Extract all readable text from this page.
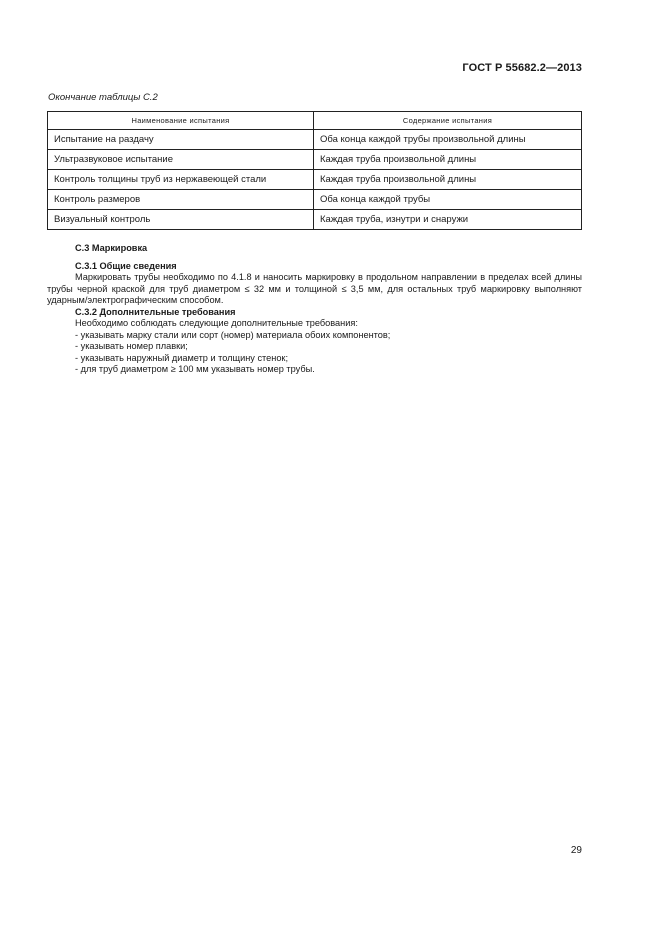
ГОСТ Р 55682.2—2013
Окончание таблицы С.2
Наименование испытания	Содержание испытания
Испытание на раздачу	Оба конца каждой трубы произвольной длины
Ультразвуковое испытание	Каждая труба произвольной длины
Контроль толщины труб из нержавеющей стали	Каждая труба произвольной длины
Контроль размеров	Оба конца каждой трубы
Визуальный контроль	Каждая труба, изнутри и снаружи
С.3 Маркировка
С.3.1 Общие сведения
Маркировать трубы необходимо по 4.1.8 и наносить маркировку в продольном направлении в пределах всей длины трубы черной краской для труб диаметром ≤ 32 мм и толщиной ≤ 3,5 мм, для остальных труб маркировку выполняют ударным/электрографическим способом.
С.3.2 Дополнительные требования
Необходимо соблюдать следующие дополнительные требования:
- указывать марку стали или сорт (номер) материала обоих компонентов;
- указывать номер плавки;
- указывать наружный диаметр и толщину стенок;
- для труб диаметром ≥ 100 мм указывать номер трубы.
29
